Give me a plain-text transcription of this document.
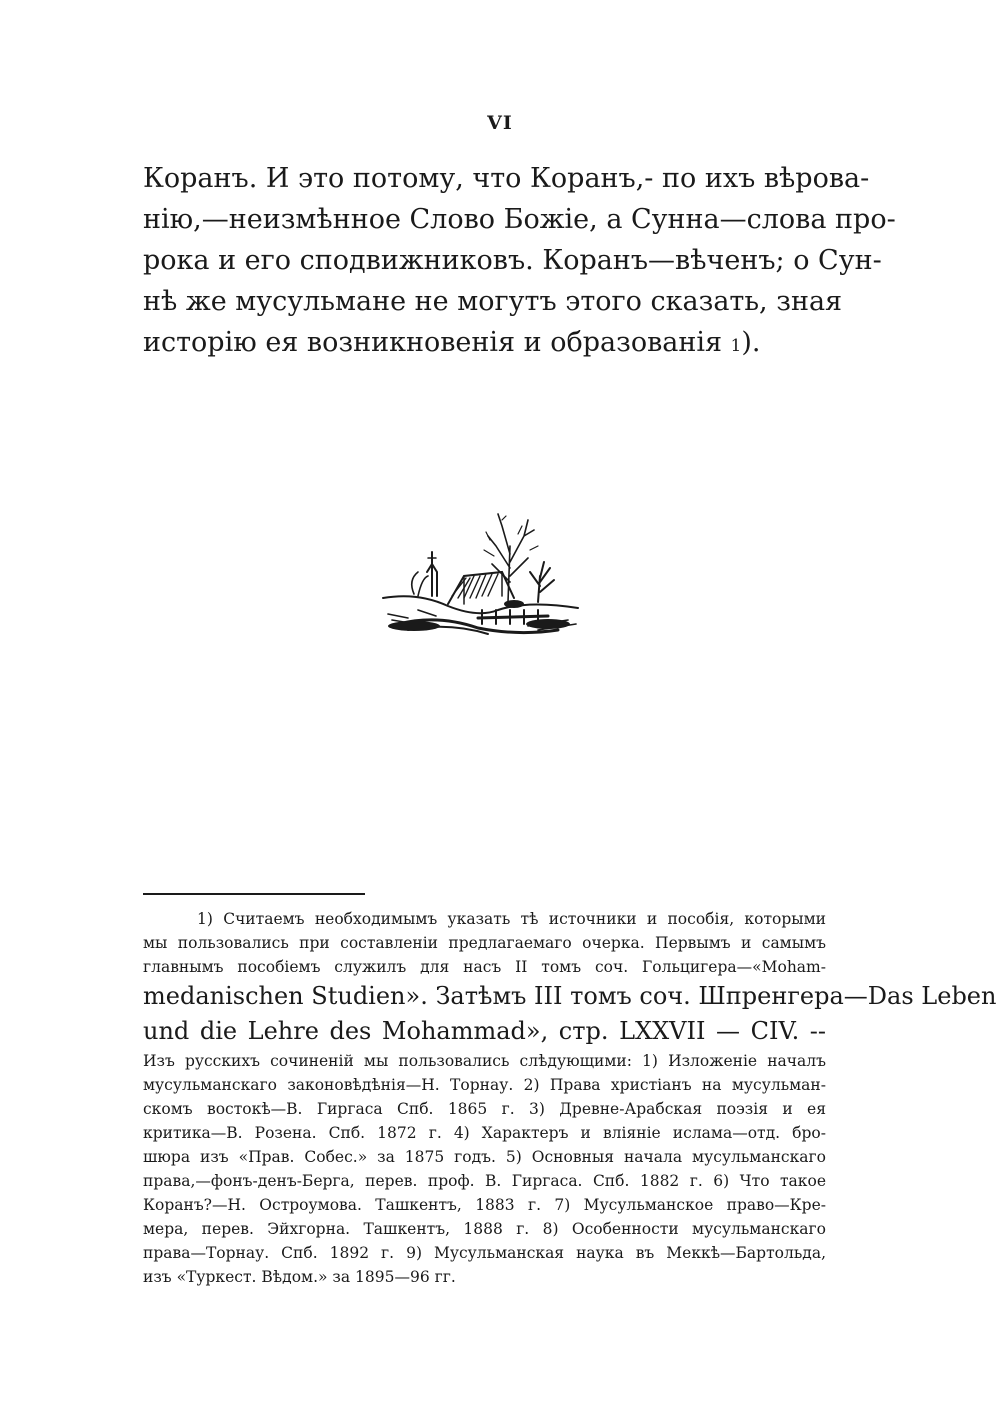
VI
Коранъ. И это потому, что Коранъ,- по ихъ вѣрова-
нію,—неизмѣнное Слово Божіе, а Сунна—слова про-
рока и его сподвижниковъ. Коранъ—вѣченъ; о Сун-
нѣ же мусульмане не могутъ этого сказать, зная
исторію ея возникновенія и образованія $^1$).
1) Считаемъ необходимымъ указать тѣ источники и пособія, которыми
мы пользовались при составленіи предлагаемаго очерка. Первымъ и самымъ
главнымъ пособіемъ служилъ для насъ II томъ соч. Гольцигера—«Moham-
medanischen Studien». Затѣмъ III томъ соч. Шпренгера—Das Leben
und die Lehre des Mohammad», стр. LXXVII — CIV. --
Изъ русскихъ сочиненій мы пользовались слѣдующими: 1) Изложеніе началъ
мусульманскаго законовѣдѣнія—Н. Торнау. 2) Права христіанъ на мусульман-
скомъ востокѣ—В. Гиргаса Спб. 1865 г. 3) Древне-Арабская поэзія и ея
критика—В. Розена. Спб. 1872 г. 4) Характеръ и вліяніе ислама—отд. бро-
шюра изъ «Прав. Собес.» за 1875 годъ. 5) Основныя начала мусульманскаго
права,—фонъ-денъ-Берга, перев. проф. В. Гиргаса. Спб. 1882 г. 6) Что такое
Коранъ?—Н. Остроумова. Ташкентъ, 1883 г. 7) Мусульманское право—Кре-
мера, перев. Эйхгорна. Ташкентъ, 1888 г. 8) Особенности мусульманскаго
права—Торнау. Спб. 1892 г. 9) Мусульманская наука въ Меккѣ—Бартольда,
изъ «Туркест. Вѣдом.» за 1895—96 гг.
